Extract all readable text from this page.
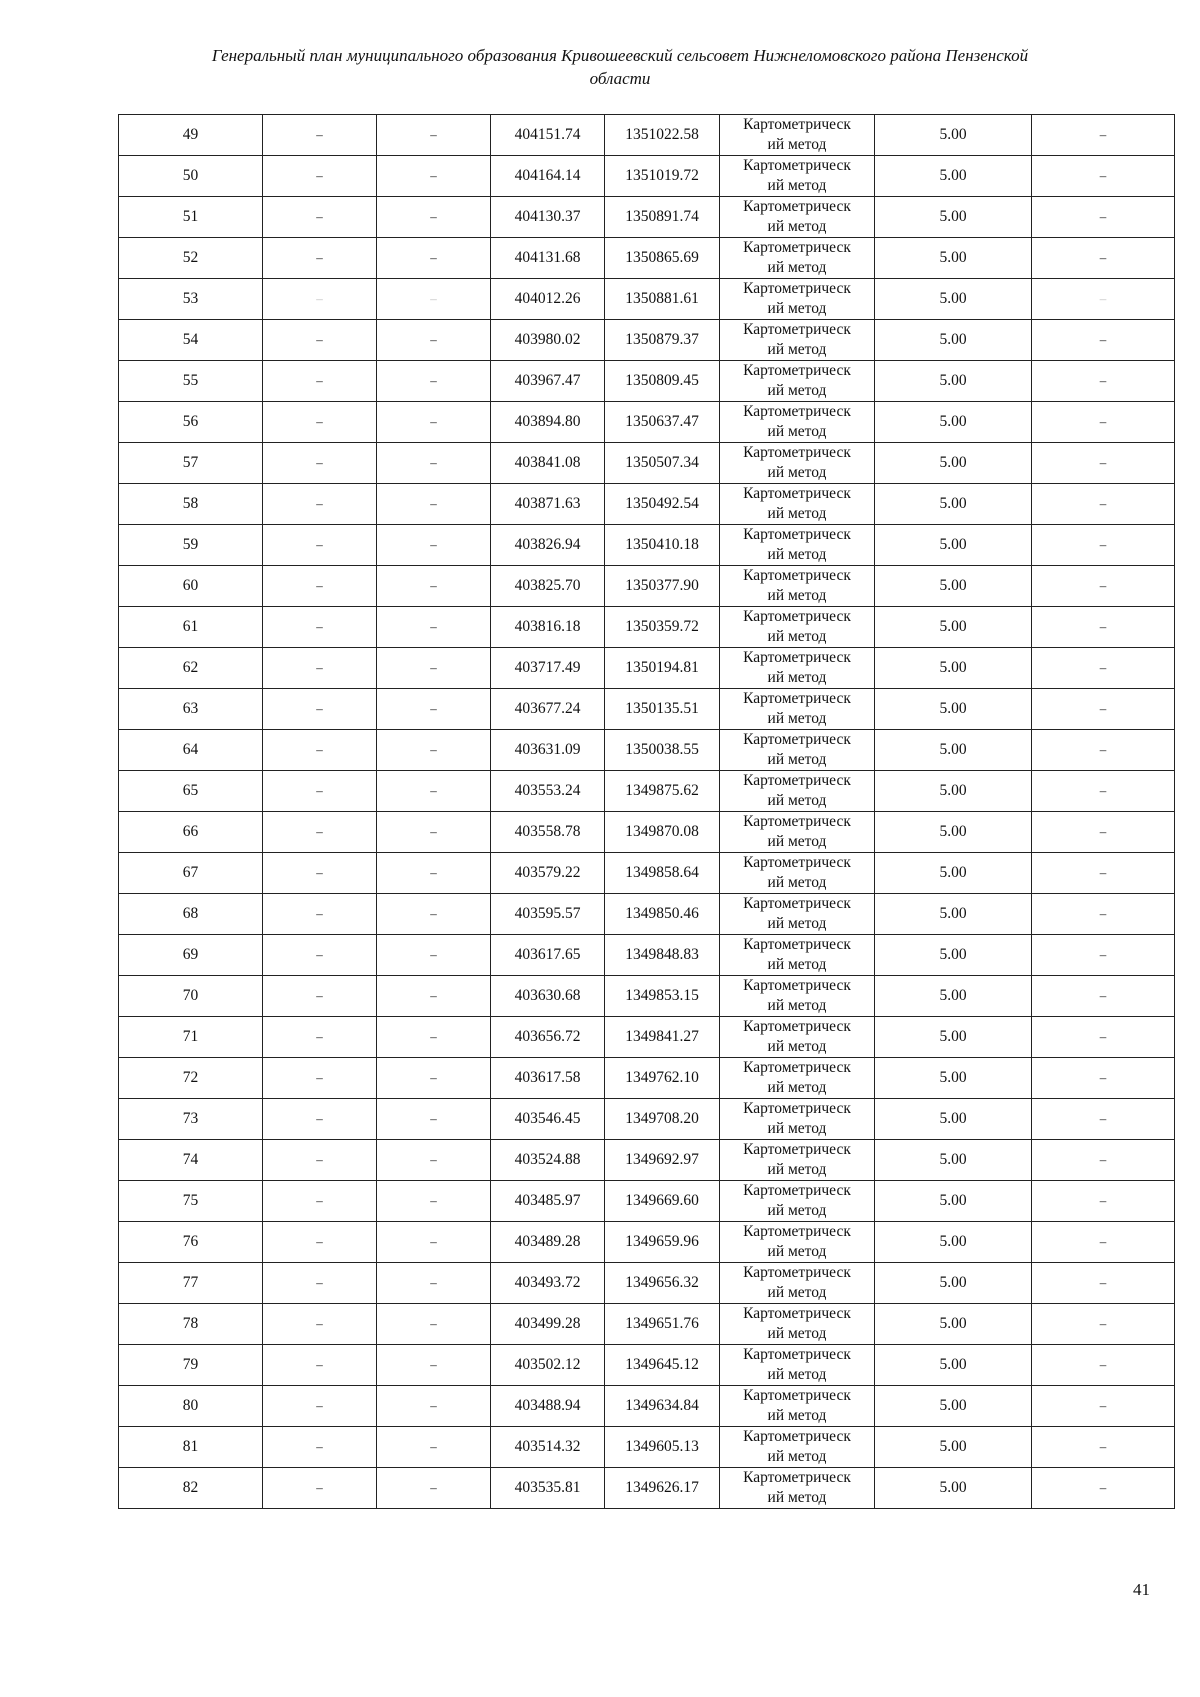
Генеральный план муниципального образования Кривошеевский сельсовет Нижнеломовского района Пензенской
области
49	–	–	404151.74	1351022.58	Картометрическ
ий метод	5.00	–
50	–	–	404164.14	1351019.72	Картометрическ
ий метод	5.00	–
51	–	–	404130.37	1350891.74	Картометрическ
ий метод	5.00	–
52	–	–	404131.68	1350865.69	Картометрическ
ий метод	5.00	–
53	–	–	404012.26	1350881.61	Картометрическ
ий метод	5.00	–
54	–	–	403980.02	1350879.37	Картометрическ
ий метод	5.00	–
55	–	–	403967.47	1350809.45	Картометрическ
ий метод	5.00	–
56	–	–	403894.80	1350637.47	Картометрическ
ий метод	5.00	–
57	–	–	403841.08	1350507.34	Картометрическ
ий метод	5.00	–
58	–	–	403871.63	1350492.54	Картометрическ
ий метод	5.00	–
59	–	–	403826.94	1350410.18	Картометрическ
ий метод	5.00	–
60	–	–	403825.70	1350377.90	Картометрическ
ий метод	5.00	–
61	–	–	403816.18	1350359.72	Картометрическ
ий метод	5.00	–
62	–	–	403717.49	1350194.81	Картометрическ
ий метод	5.00	–
63	–	–	403677.24	1350135.51	Картометрическ
ий метод	5.00	–
64	–	–	403631.09	1350038.55	Картометрическ
ий метод	5.00	–
65	–	–	403553.24	1349875.62	Картометрическ
ий метод	5.00	–
66	–	–	403558.78	1349870.08	Картометрическ
ий метод	5.00	–
67	–	–	403579.22	1349858.64	Картометрическ
ий метод	5.00	–
68	–	–	403595.57	1349850.46	Картометрическ
ий метод	5.00	–
69	–	–	403617.65	1349848.83	Картометрическ
ий метод	5.00	–
70	–	–	403630.68	1349853.15	Картометрическ
ий метод	5.00	–
71	–	–	403656.72	1349841.27	Картометрическ
ий метод	5.00	–
72	–	–	403617.58	1349762.10	Картометрическ
ий метод	5.00	–
73	–	–	403546.45	1349708.20	Картометрическ
ий метод	5.00	–
74	–	–	403524.88	1349692.97	Картометрическ
ий метод	5.00	–
75	–	–	403485.97	1349669.60	Картометрическ
ий метод	5.00	–
76	–	–	403489.28	1349659.96	Картометрическ
ий метод	5.00	–
77	–	–	403493.72	1349656.32	Картометрическ
ий метод	5.00	–
78	–	–	403499.28	1349651.76	Картометрическ
ий метод	5.00	–
79	–	–	403502.12	1349645.12	Картометрическ
ий метод	5.00	–
80	–	–	403488.94	1349634.84	Картометрическ
ий метод	5.00	–
81	–	–	403514.32	1349605.13	Картометрическ
ий метод	5.00	–
82	–	–	403535.81	1349626.17	Картометрическ
ий метод	5.00	–
41
